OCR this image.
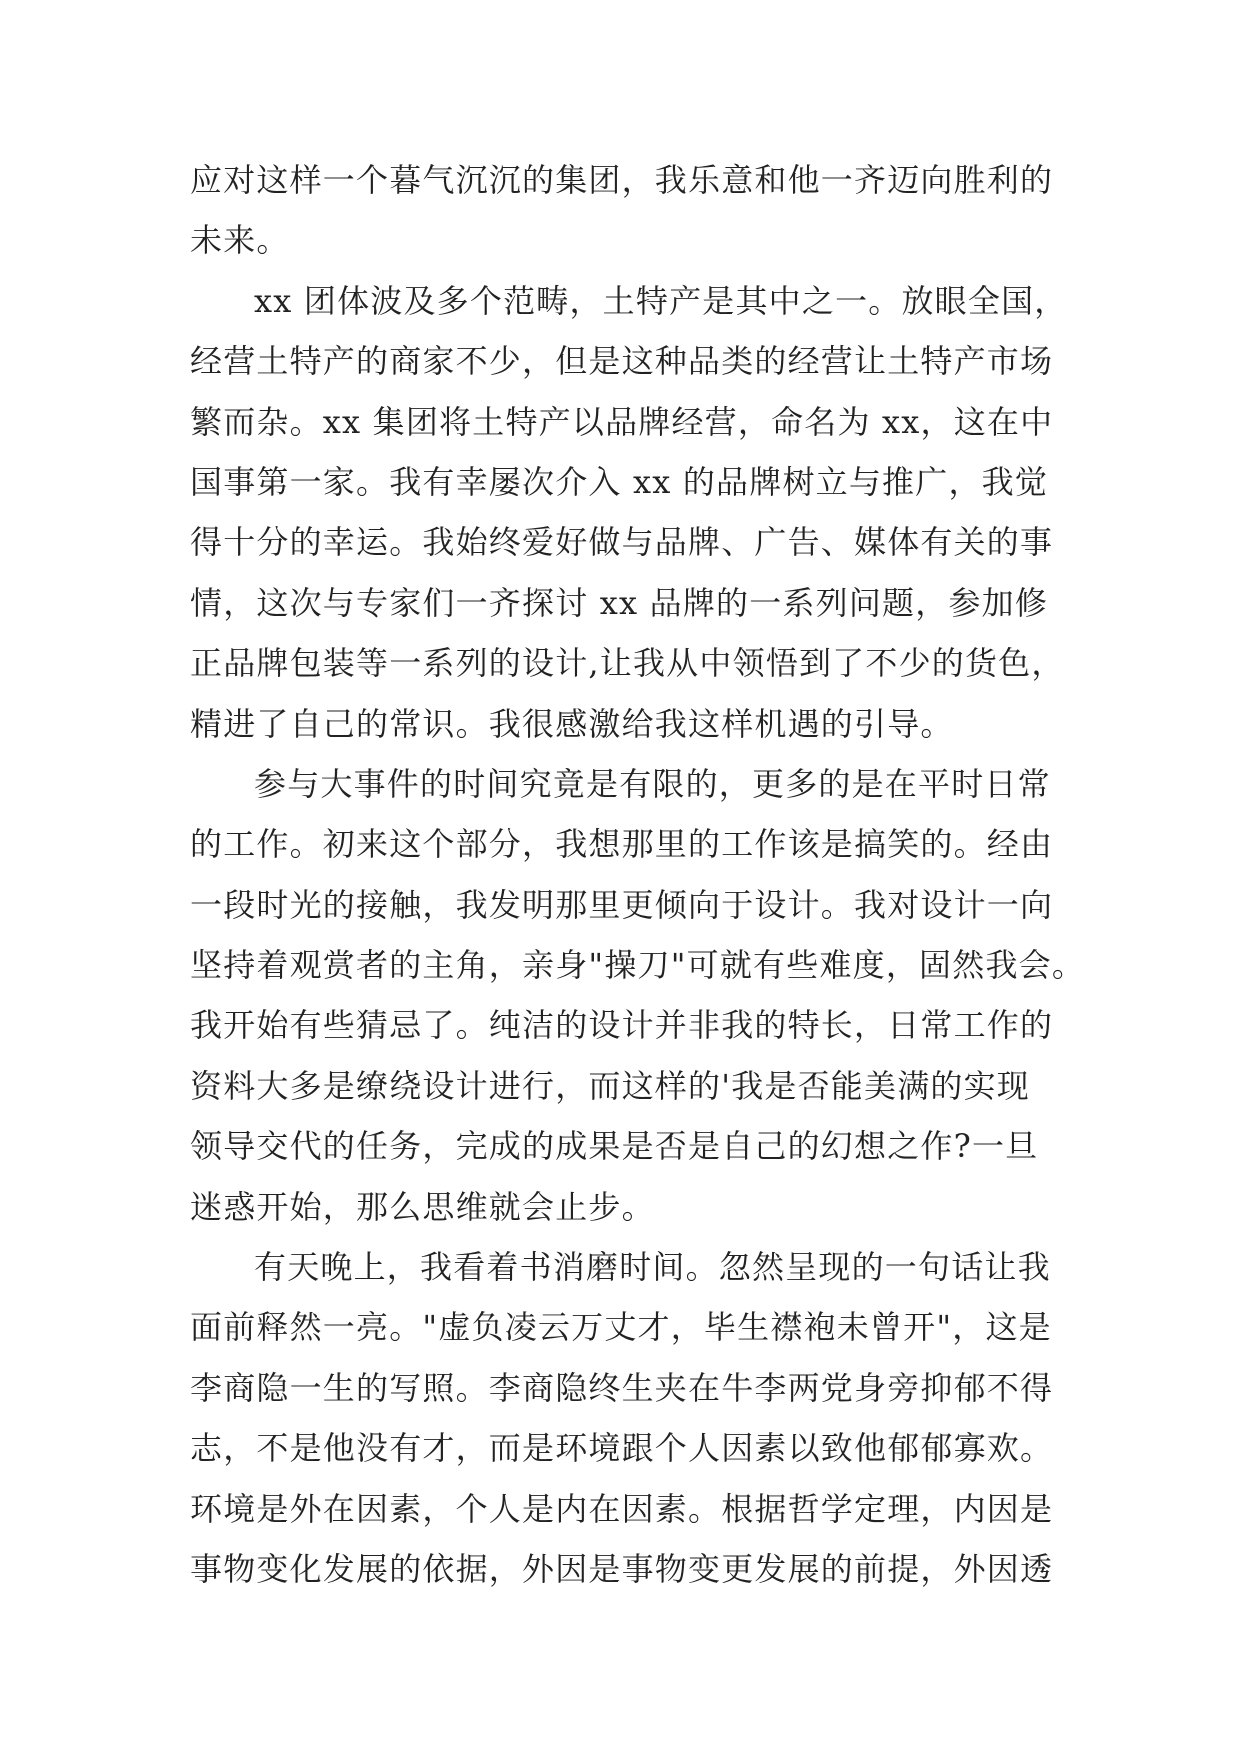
应对这样一个暮气沉沉的集团，我乐意和他一齐迈向胜利的
未来。
xx 团体波及多个范畴，土特产是其中之一。放眼全国，
经营土特产的商家不少，但是这种品类的经营让土特产市场
繁而杂。xx 集团将土特产以品牌经营，命名为 xx，这在中
国事第一家。我有幸屡次介入 xx 的品牌树立与推广，我觉
得十分的幸运。我始终爱好做与品牌、广告、媒体有关的事
情，这次与专家们一齐探讨 xx 品牌的一系列问题，参加修
正品牌包装等一系列的设计,让我从中领悟到了不少的货色，
精进了自己的常识。我很感激给我这样机遇的引导。
参与大事件的时间究竟是有限的，更多的是在平时日常
的工作。初来这个部分，我想那里的工作该是搞笑的。经由
一段时光的接触，我发明那里更倾向于设计。我对设计一向
坚持着观赏者的主角，亲身"操刀"可就有些难度，固然我会。
我开始有些猜忌了。纯洁的设计并非我的特长，日常工作的
资料大多是缭绕设计进行，而这样的'我是否能美满的实现
领导交代的任务，完成的成果是否是自己的幻想之作?一旦
迷惑开始，那么思维就会止步。
有天晚上，我看着书消磨时间。忽然呈现的一句话让我
面前释然一亮。"虚负凌云万丈才，毕生襟袍未曾开"，这是
李商隐一生的写照。李商隐终生夹在牛李两党身旁抑郁不得
志，不是他没有才，而是环境跟个人因素以致他郁郁寡欢。
环境是外在因素，个人是内在因素。根据哲学定理，内因是
事物变化发展的依据，外因是事物变更发展的前提，外因透
